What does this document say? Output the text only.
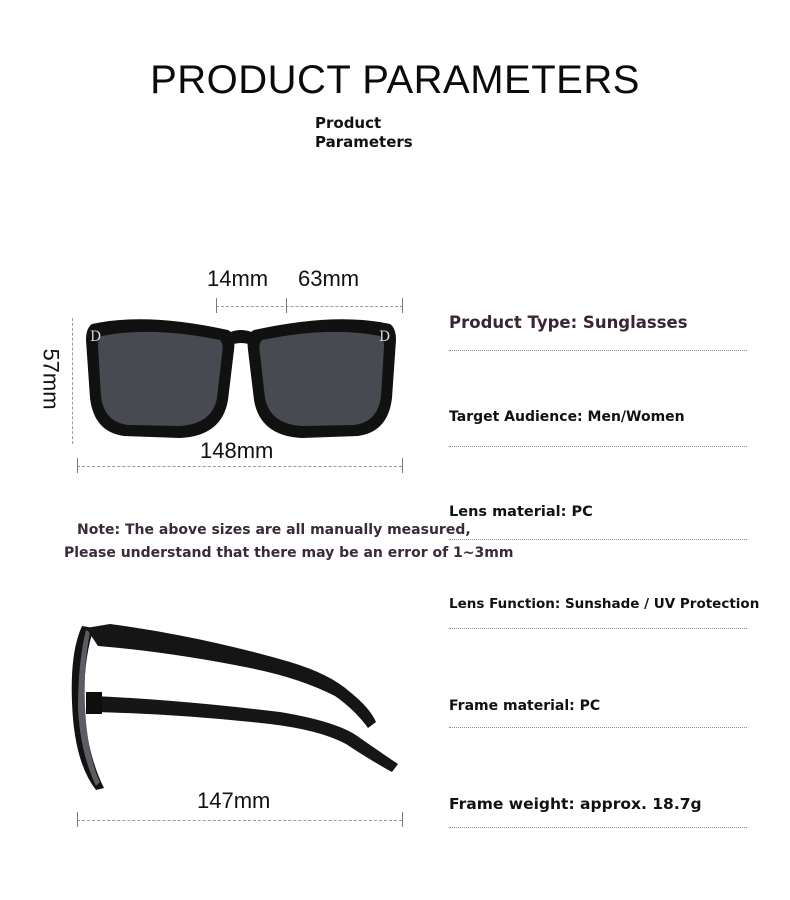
PRODUCT PARAMETERS
Product
Parameters
14mm 63mm
57mm
148mm
D	D
Note: The above sizes are all manually measured,
Please understand that there may be an error of 1~3mm
147mm
Product Type: Sunglasses
Target Audience: Men/Women
Lens material: PC
Lens Function: Sunshade / UV Protection
Frame material: PC
Frame weight: approx. 18.7g
